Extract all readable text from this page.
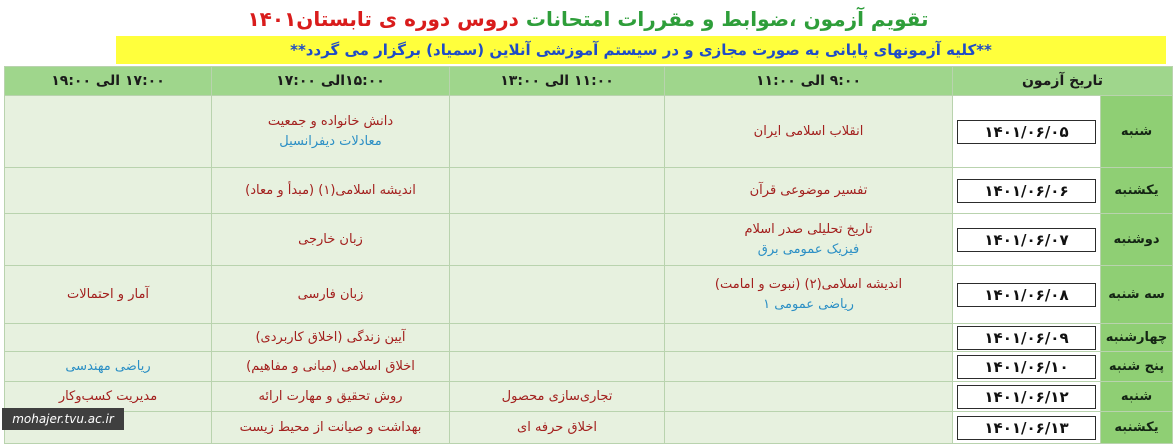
تقویم آزمون ،ضوابط و مقررات امتحانات دروس دوره ی تابستان۱۴۰۱
**کلیه آزمونهای پایانی به صورت مجازی و در سیستم آموزشی آنلاین (سمیاد) برگزار می گردد**
تاریخ آزمون		۹:۰۰ الی ۱۱:۰۰	۱۱:۰۰ الی ۱۳:۰۰	۱۵:۰۰الی ۱۷:۰۰	۱۷:۰۰ الی ۱۹:۰۰
شنبه	۱۴۰۱/۰۶/۰۵	انقلاب اسلامی ایران		دانش خانواده و جمعیت
معادلات دیفرانسیل	

یکشنبه	۱۴۰۱/۰۶/۰۶	تفسیر موضوعی قرآن		اندیشه اسلامی(۱) (مبدأ و معاد)	

دوشنبه	۱۴۰۱/۰۶/۰۷	تاریخ تحلیلی صدر اسلام
فیزیک عمومی برق		زبان خارجی	

سه شنبه	۱۴۰۱/۰۶/۰۸	اندیشه اسلامی(۲) (نبوت و امامت)
ریاضی عمومی ۱		زبان فارسی	آمار و احتمالات

چهارشنبه	۱۴۰۱/۰۶/۰۹			آیین زندگی (اخلاق کاربردی)	

پنج شنبه	۱۴۰۱/۰۶/۱۰			اخلاق اسلامی (مبانی و مفاهیم)	ریاضی مهندسی

شنبه	۱۴۰۱/۰۶/۱۲		تجاری‌سازی محصول	روش تحقیق و مهارت ارائه	مدیریت کسب‌وکار

یکشنبه	۱۴۰۱/۰۶/۱۳		اخلاق حرفه ای	بهداشت و صیانت از محیط زیست	

mohajer.tvu.ac.ir
